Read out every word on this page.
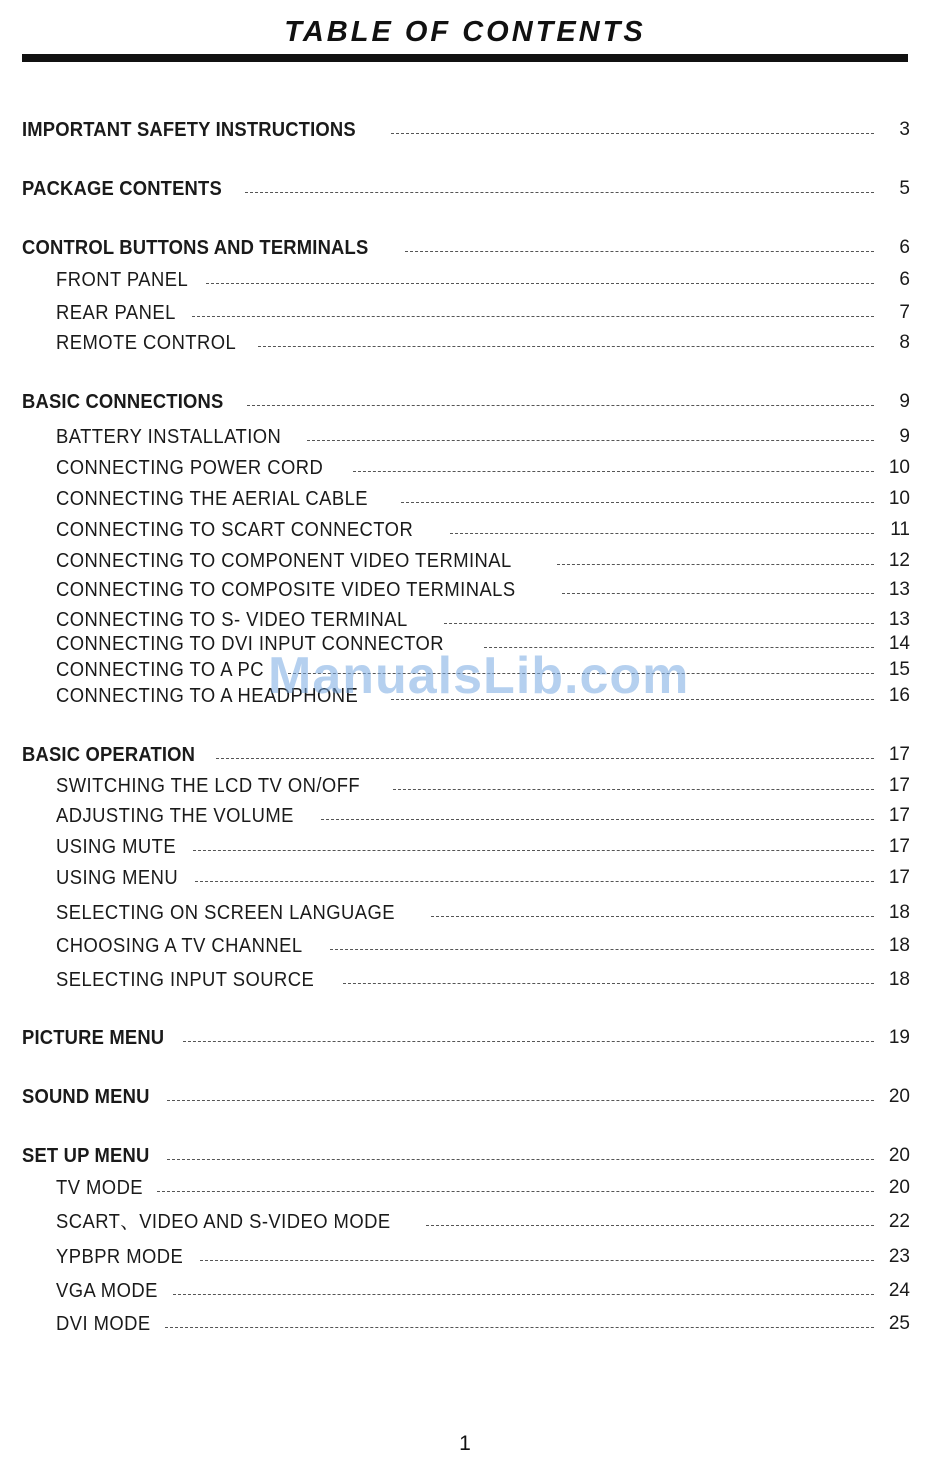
TABLE OF CONTENTS
IMPORTANT SAFETY INSTRUCTIONS	3
PACKAGE CONTENTS	5
CONTROL BUTTONS AND TERMINALS	6
FRONT PANEL	6
REAR PANEL	7
REMOTE CONTROL	8
BASIC CONNECTIONS	9
BATTERY INSTALLATION	9
CONNECTING POWER CORD	10
CONNECTING THE AERIAL CABLE	10
CONNECTING TO SCART CONNECTOR	11
CONNECTING TO COMPONENT VIDEO TERMINAL	12
CONNECTING TO COMPOSITE VIDEO TERMINALS	13
CONNECTING TO S- VIDEO TERMINAL	13
CONNECTING TO DVI INPUT CONNECTOR	14
CONNECTING TO A PC	15
CONNECTING TO A HEADPHONE	16
BASIC OPERATION	17
SWITCHING THE LCD TV ON/OFF	17
ADJUSTING THE VOLUME	17
USING MUTE	17
USING MENU	17
SELECTING ON SCREEN LANGUAGE	18
CHOOSING A TV CHANNEL	18
SELECTING INPUT SOURCE	18
PICTURE MENU	19
SOUND MENU	20
SET UP MENU	20
TV MODE	20
SCART、VIDEO AND S-VIDEO MODE	22
YPBPR MODE	23
VGA MODE	24
DVI MODE	25
ManualsLib.com
1
